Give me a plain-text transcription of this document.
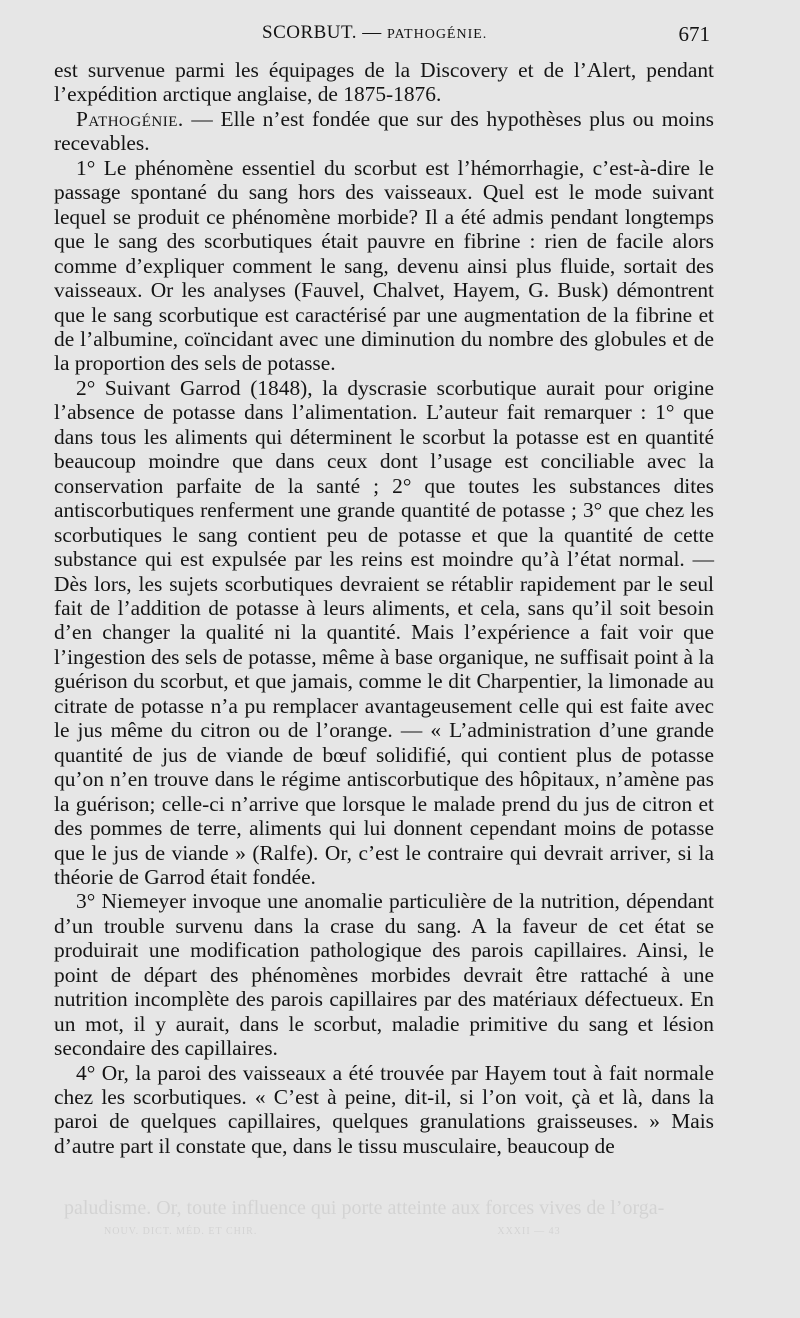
SCORBUT. — PATHOGÉNIE.	671

est survenue parmi les équipages de la Discovery et de l’Alert, pendant l’expédition arctique anglaise, de 1875-1876.

Pathogénie. — Elle n’est fondée que sur des hypothèses plus ou moins recevables.

1° Le phénomène essentiel du scorbut est l’hémorrhagie, c’est-à-dire le passage spontané du sang hors des vaisseaux. Quel est le mode suivant lequel se produit ce phénomène morbide? Il a été admis pendant longtemps que le sang des scorbutiques était pauvre en fibrine : rien de facile alors comme d’expliquer comment le sang, devenu ainsi plus fluide, sortait des vaisseaux. Or les analyses (Fauvel, Chalvet, Hayem, G. Busk) démontrent que le sang scorbutique est caractérisé par une augmentation de la fibrine et de l’albumine, coïncidant avec une diminution du nombre des globules et de la proportion des sels de potasse.

2° Suivant Garrod (1848), la dyscrasie scorbutique aurait pour origine l’absence de potasse dans l’alimentation. L’auteur fait remarquer : 1° que dans tous les aliments qui déterminent le scorbut la potasse est en quantité beaucoup moindre que dans ceux dont l’usage est conciliable avec la conservation parfaite de la santé ; 2° que toutes les substances dites antiscorbutiques renferment une grande quantité de potasse ; 3° que chez les scorbutiques le sang contient peu de potasse et que la quantité de cette substance qui est expulsée par les reins est moindre qu’à l’état normal. — Dès lors, les sujets scorbutiques devraient se rétablir rapidement par le seul fait de l’addition de potasse à leurs aliments, et cela, sans qu’il soit besoin d’en changer la qualité ni la quantité. Mais l’expérience a fait voir que l’ingestion des sels de potasse, même à base organique, ne suffisait point à la guérison du scorbut, et que jamais, comme le dit Charpentier, la limonade au citrate de potasse n’a pu remplacer avantageusement celle qui est faite avec le jus même du citron ou de l’orange. — « L’administration d’une grande quantité de jus de viande de bœuf solidifié, qui contient plus de potasse qu’on n’en trouve dans le régime antiscorbutique des hôpitaux, n’amène pas la guérison; celle-ci n’arrive que lorsque le malade prend du jus de citron et des pommes de terre, aliments qui lui donnent cependant moins de potasse que le jus de viande » (Ralfe). Or, c’est le contraire qui devrait arriver, si la théorie de Garrod était fondée.

3° Niemeyer invoque une anomalie particulière de la nutrition, dépendant d’un trouble survenu dans la crase du sang. A la faveur de cet état se produirait une modification pathologique des parois capillaires. Ainsi, le point de départ des phénomènes morbides devrait être rattaché à une nutrition incomplète des parois capillaires par des matériaux défectueux. En un mot, il y aurait, dans le scorbut, maladie primitive du sang et lésion secondaire des capillaires.

4° Or, la paroi des vaisseaux a été trouvée par Hayem tout à fait normale chez les scorbutiques. « C’est à peine, dit-il, si l’on voit, çà et là, dans la paroi de quelques capillaires, quelques granulations graisseuses. » Mais d’autre part il constate que, dans le tissu musculaire, beaucoup de

paludisme. Or, toute influence qui porte atteinte aux forces vives de l’orga-
NOUV. DICT. MÉD. ET CHIR.	XXXII — 43
